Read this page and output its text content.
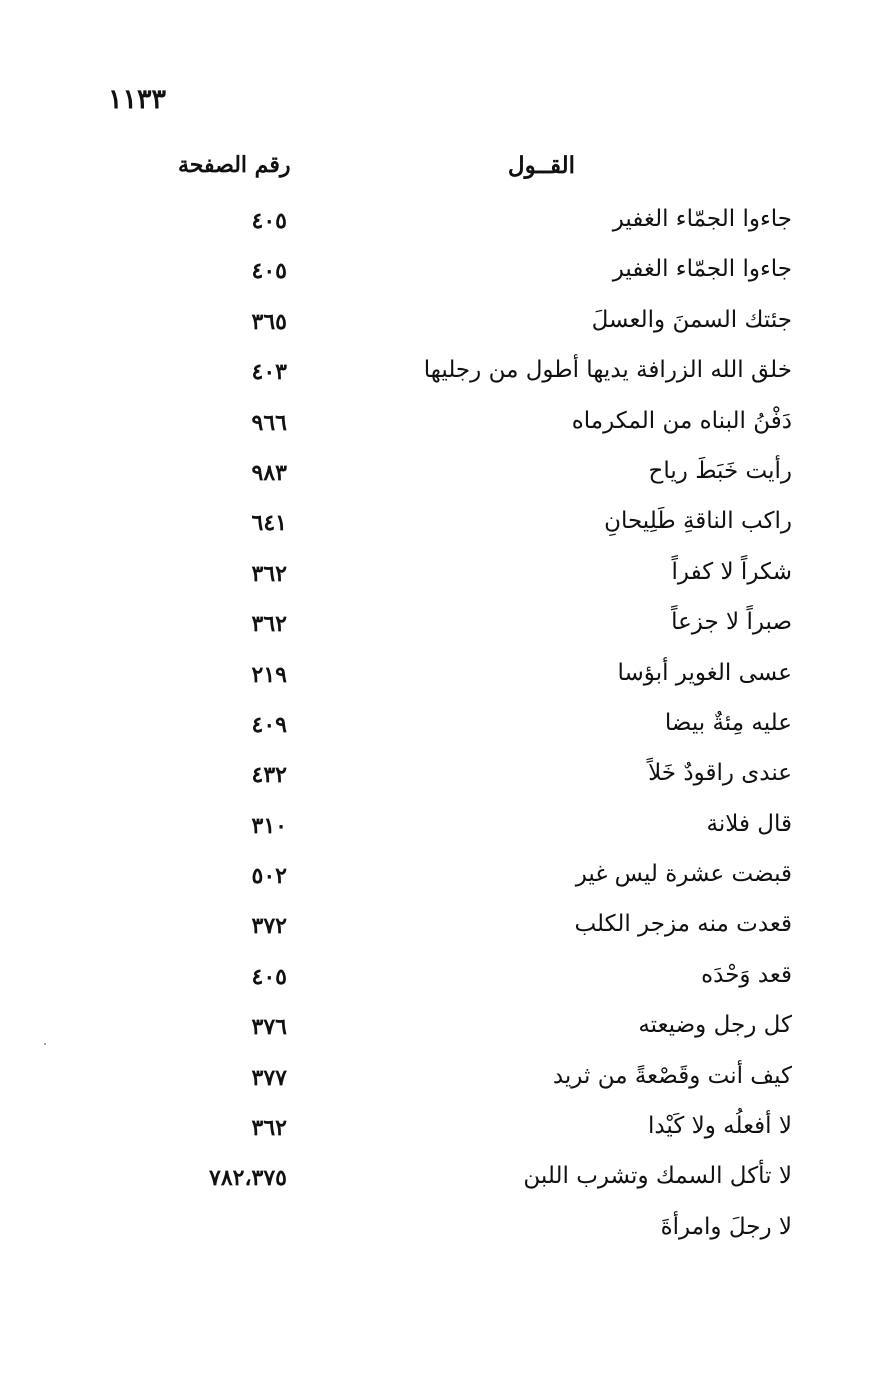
١١٣٣
القــول
رقم الصفحة
جاءوا الجمّاء الغفير
٤٠٥
جاءوا الجمّاء الغفير
٤٠٥
جئتك السمنَ والعسلَ
٣٦٥
خلق الله الزرافة يديها أطول من رجليها
٤٠٣
دَفْنُ البناه من المكرماه
٩٦٦
رأيت خَبَطَ رياح
٩٨٣
راكب الناقةِ طَلِيحانِ
٦٤١
شكراً لا كفراً
٣٦٢
صبراً لا جزعاً
٣٦٢
عسى الغوير أبؤسا
٢١٩
عليه مِئةٌ بيضا
٤٠٩
عندى راقودٌ خَلاً
٤٣٢
قال فلانة
٣١٠
قبضت عشرة ليس غير
٥٠٢
قعدت منه مزجر الكلب
٣٧٢
قعد وَحْدَه
٤٠٥
كل رجل وضيعته
٣٧٦
كيف أنت وقَصْعةً من ثريد
٣٧٧
لا أفعلُه ولا كَيْدا
٣٦٢
لا تأكل السمك وتشرب اللبن
٧٨٢،٣٧٥
لا رجلَ وامرأةَ
